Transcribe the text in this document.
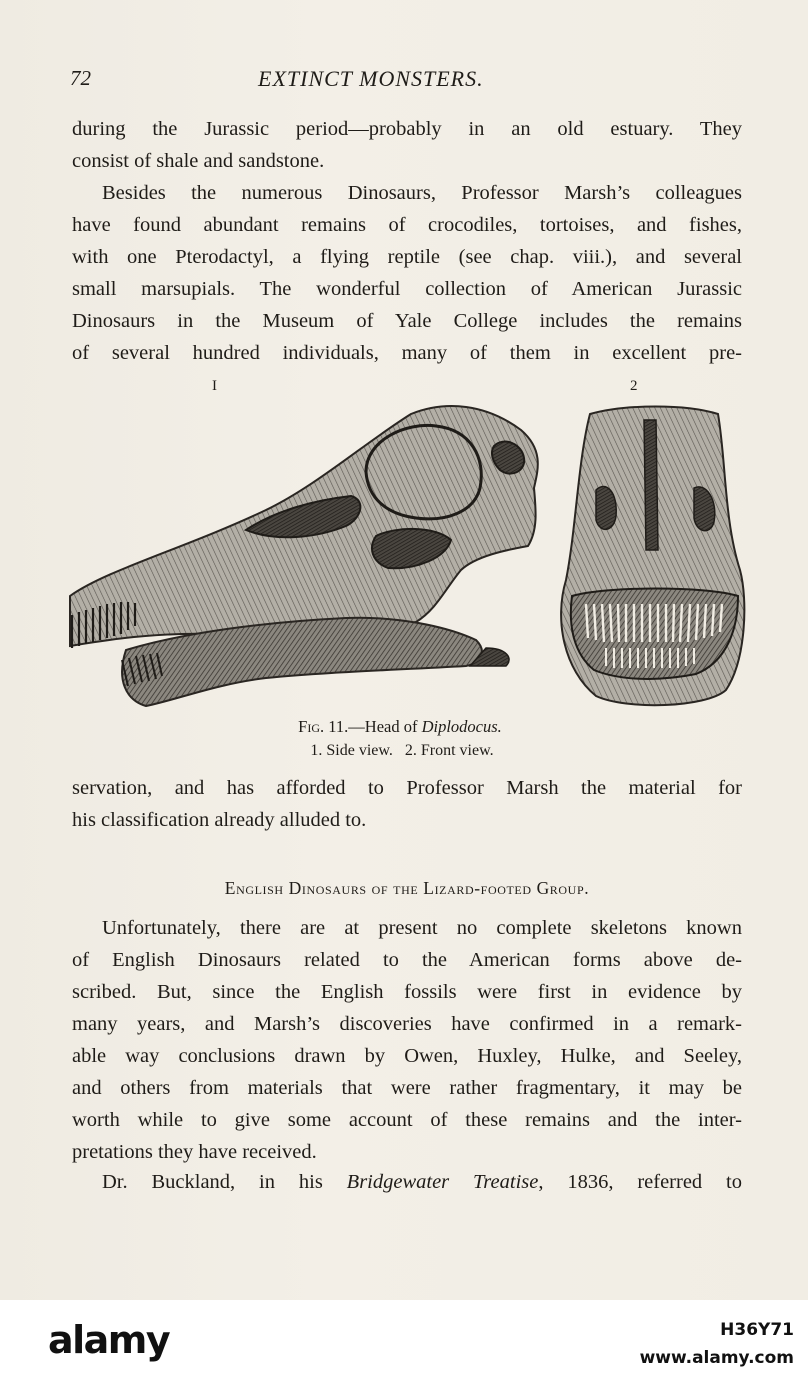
72	EXTINCT MONSTERS.
during the Jurassic period—probably in an old estuary. They
consist of shale and sandstone.
Besides the numerous Dinosaurs, Professor Marsh’s colleagues
have found abundant remains of crocodiles, tortoises, and fishes,
with one Pterodactyl, a flying reptile (see chap. viii.), and several
small marsupials. The wonderful collection of American Jurassic
Dinosaurs in the Museum of Yale College includes the remains
of several hundred individuals, many of them in excellent pre-
I	2
Fig. 11.—Head of Diplodocus.
1. Side view.   2. Front view.
servation, and has afforded to Professor Marsh the material for
his classification already alluded to.
English Dinosaurs of the Lizard-footed Group.
Unfortunately, there are at present no complete skeletons known
of English Dinosaurs related to the American forms above de-
scribed. But, since the English fossils were first in evidence by
many years, and Marsh’s discoveries have confirmed in a remark-
able way conclusions drawn by Owen, Huxley, Hulke, and Seeley,
and others from materials that were rather fragmentary, it may be
worth while to give some account of these remains and the inter-
pretations they have received.
Dr. Buckland, in his Bridgewater Treatise, 1836, referred to
alamy	H36Y71
www.alamy.com
